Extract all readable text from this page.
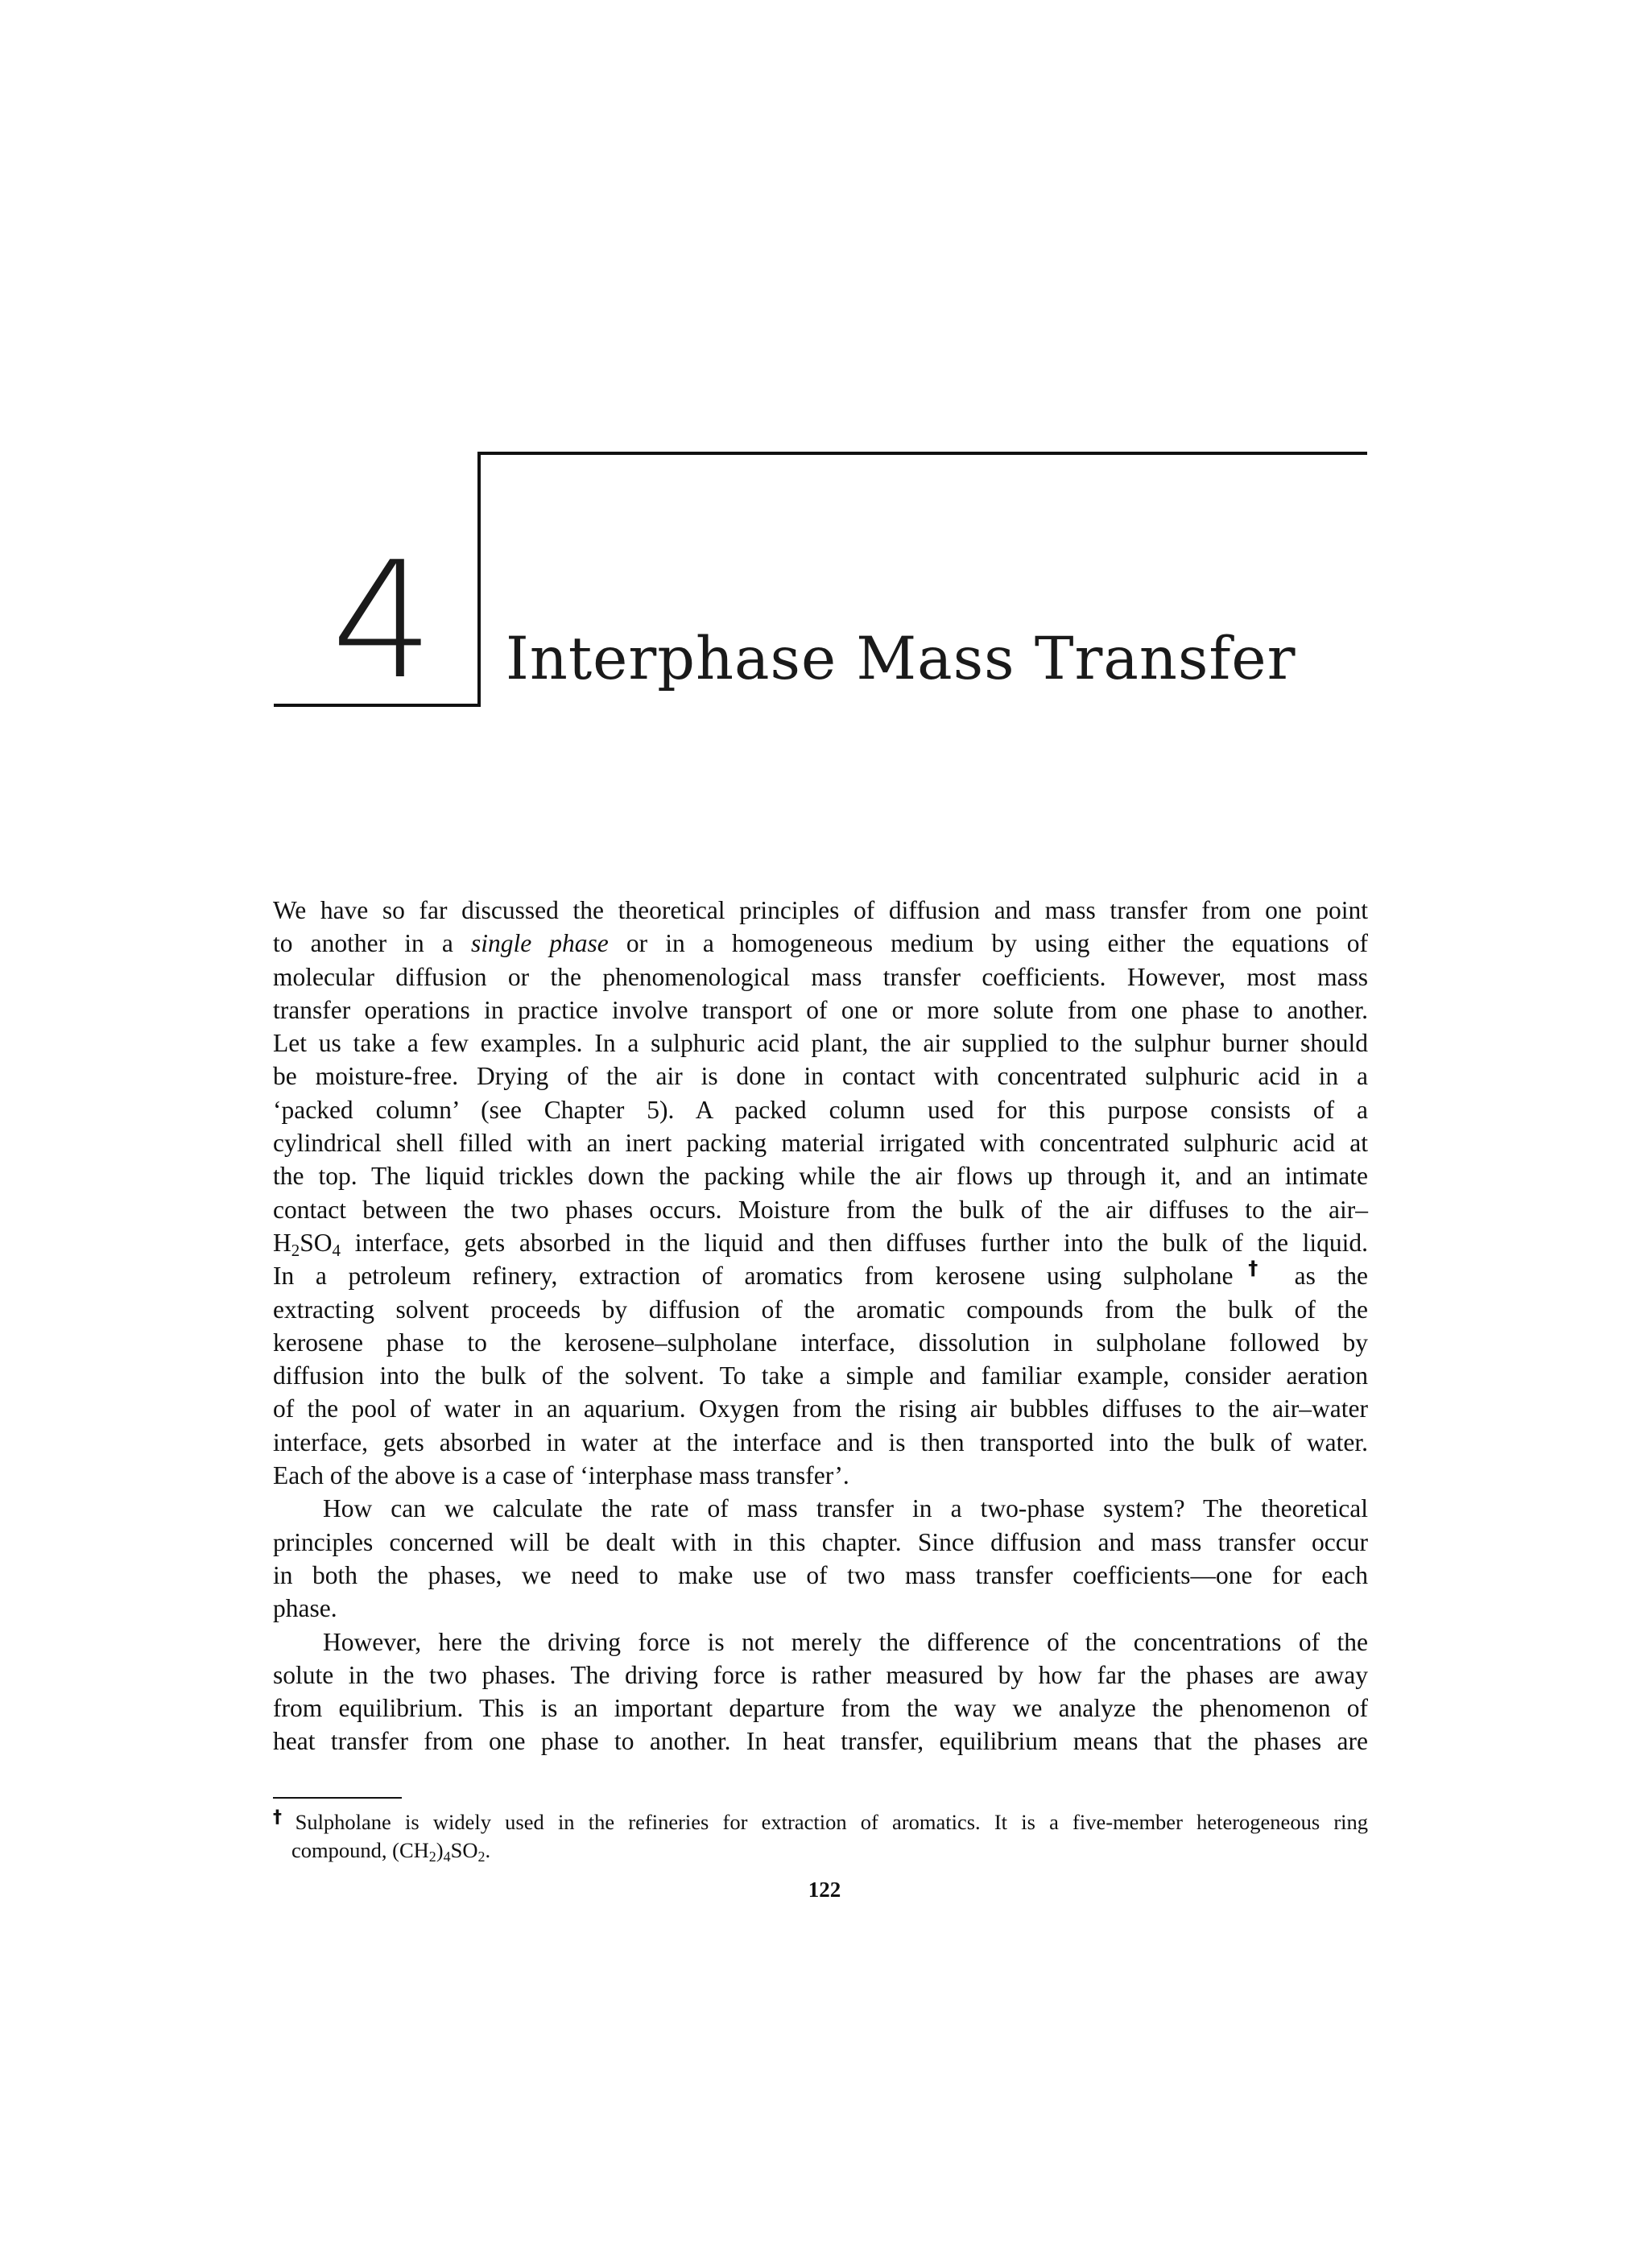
4 Interphase Mass Transfer

We have so far discussed the theoretical principles of diffusion and mass transfer from one point
to another in a single phase or in a homogeneous medium by using either the equations of
molecular diffusion or the phenomenological mass transfer coefficients. However, most mass
transfer operations in practice involve transport of one or more solute from one phase to another.
Let us take a few examples. In a sulphuric acid plant, the air supplied to the sulphur burner should
be moisture-free. Drying of the air is done in contact with concentrated sulphuric acid in a
‘packed column’ (see Chapter 5). A packed column used for this purpose consists of a
cylindrical shell filled with an inert packing material irrigated with concentrated sulphuric acid at
the top. The liquid trickles down the packing while the air flows up through it, and an intimate
contact between the two phases occurs. Moisture from the bulk of the air diffuses to the air–
$H_2SO_4$ interface, gets absorbed in the liquid and then diffuses further into the bulk of the liquid.
In a petroleum refinery, extraction of aromatics from kerosene using sulpholane† as the
extracting solvent proceeds by diffusion of the aromatic compounds from the bulk of the
kerosene phase to the kerosene–sulpholane interface, dissolution in sulpholane followed by
diffusion into the bulk of the solvent. To take a simple and familiar example, consider aeration
of the pool of water in an aquarium. Oxygen from the rising air bubbles diffuses to the air–water
interface, gets absorbed in water at the interface and is then transported into the bulk of water.
Each of the above is a case of ‘interphase mass transfer’.

How can we calculate the rate of mass transfer in a two-phase system? The theoretical
principles concerned will be dealt with in this chapter. Since diffusion and mass transfer occur
in both the phases, we need to make use of two mass transfer coefficients—one for each
phase.

However, here the driving force is not merely the difference of the concentrations of the
solute in the two phases. The driving force is rather measured by how far the phases are away
from equilibrium. This is an important departure from the way we analyze the phenomenon of
heat transfer from one phase to another. In heat transfer, equilibrium means that the phases are

† Sulpholane is widely used in the refineries for extraction of aromatics. It is a five-member heterogeneous ring
compound, $(CH_2)_4SO_2$.
122
